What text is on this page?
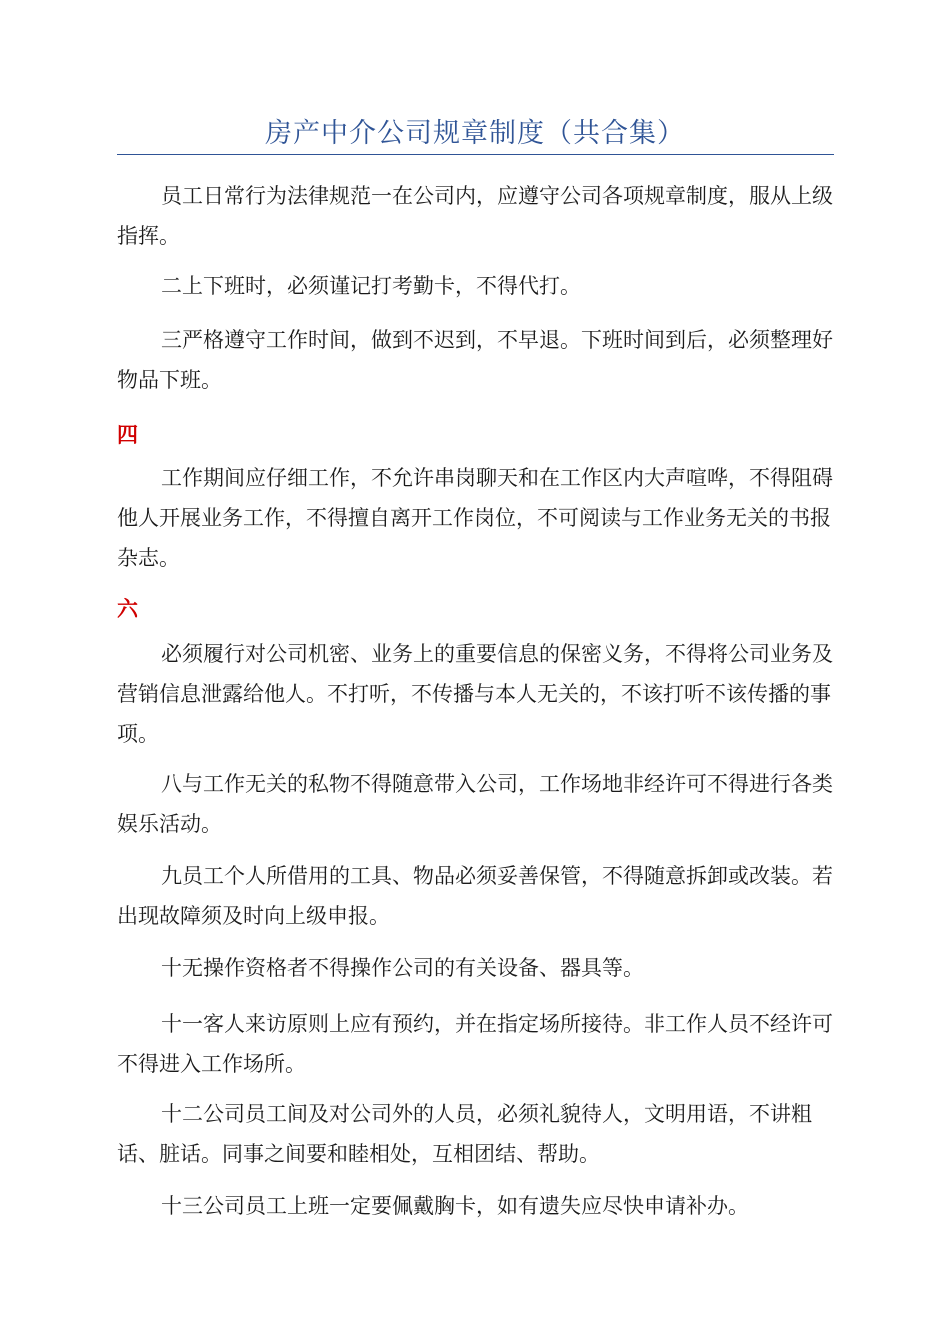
房产中介公司规章制度（共合集）

员工日常行为法律规范一在公司内，应遵守公司各项规章制度，服从上级指挥。

二上下班时，必须谨记打考勤卡，不得代打。

三严格遵守工作时间，做到不迟到，不早退。下班时间到后，必须整理好物品下班。

四

工作期间应仔细工作，不允许串岗聊天和在工作区内大声喧哗，不得阻碍他人开展业务工作，不得擅自离开工作岗位，不可阅读与工作业务无关的书报杂志。

六

必须履行对公司机密、业务上的重要信息的保密义务，不得将公司业务及营销信息泄露给他人。不打听，不传播与本人无关的，不该打听不该传播的事项。

八与工作无关的私物不得随意带入公司，工作场地非经许可不得进行各类娱乐活动。

九员工个人所借用的工具、物品必须妥善保管，不得随意拆卸或改装。若出现故障须及时向上级申报。

十无操作资格者不得操作公司的有关设备、器具等。

十一客人来访原则上应有预约，并在指定场所接待。非工作人员不经许可不得进入工作场所。

十二公司员工间及对公司外的人员，必须礼貌待人，文明用语，不讲粗话、脏话。同事之间要和睦相处，互相团结、帮助。

十三公司员工上班一定要佩戴胸卡，如有遗失应尽快申请补办。
